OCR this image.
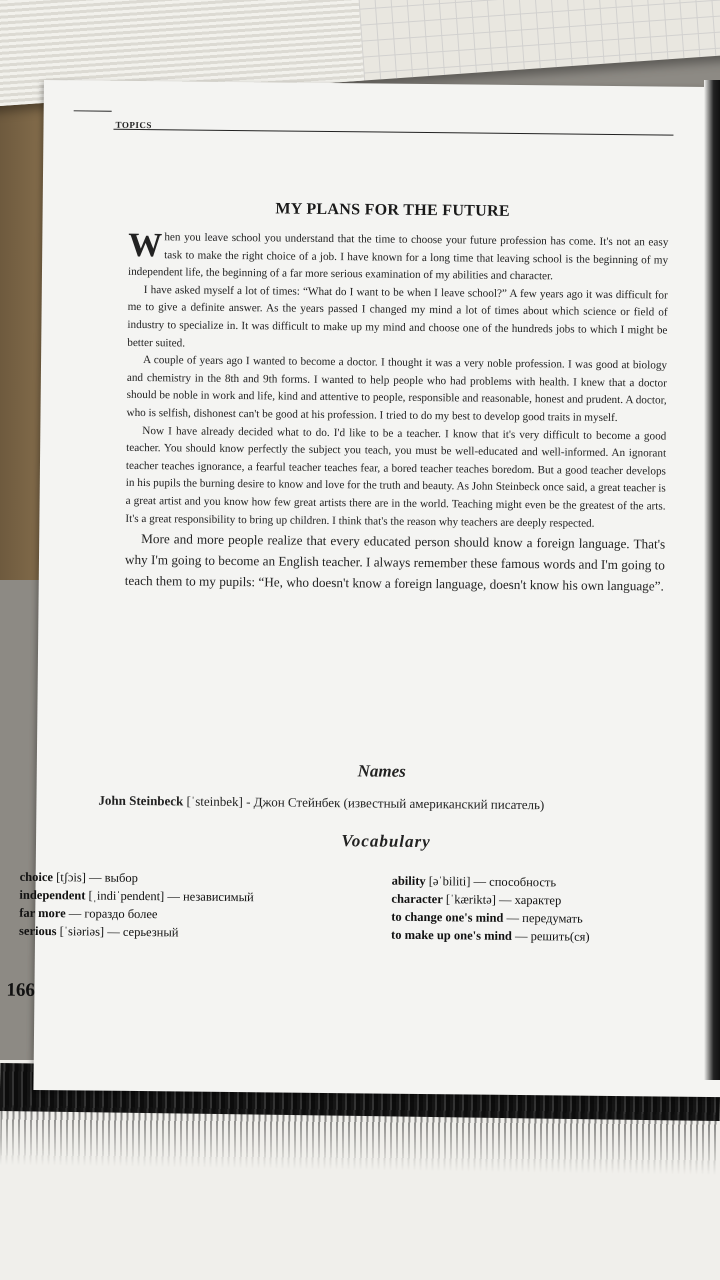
TOPICS
MY PLANS FOR THE FUTURE

When you leave school you understand that the time to choose your future profession has come. It's not an easy task to make the right choice of a job. I have known for a long time that leaving school is the beginning of my independent life, the beginning of a far more serious examination of my abilities and character.

I have asked myself a lot of times: “What do I want to be when I leave school?” A few years ago it was difficult for me to give a definite answer. As the years passed I changed my mind a lot of times about which science or field of industry to specialize in. It was difficult to make up my mind and choose one of the hundreds jobs to which I might be better suited.

A couple of years ago I wanted to become a doctor. I thought it was a very noble profession. I was good at biology and chemistry in the 8th and 9th forms. I wanted to help people who had problems with health. I knew that a doctor should be noble in work and life, kind and attentive to people, responsible and reasonable, honest and prudent. A doctor, who is selfish, dishonest can't be good at his profession. I tried to do my best to develop good traits in myself.

Now I have already decided what to do. I'd like to be a teacher. I know that it's very difficult to become a good teacher. You should know perfectly the subject you teach, you must be well-educated and well-informed. An ignorant teacher teaches ignorance, a fearful teacher teaches fear, a bored teacher teaches boredom. But a good teacher develops in his pupils the burning desire to know and love for the truth and beauty. As John Steinbeck once said, a great teacher is a great artist and you know how few great artists there are in the world. Teaching might even be the greatest of the arts. It's a great responsibility to bring up children. I think that's the reason why teachers are deeply respected.

More and more people realize that every educated person should know a foreign language. That's why I'm going to become an English teacher. I always remember these famous words and I'm going to teach them to my pupils: “He, who doesn't know a foreign language, doesn't know his own language”.

Names
John Steinbeck [ˈsteinbek] - Джон Стейнбек (известный американский писатель)
Vocabulary
choice [tʃɔis] — выбор
independent [ˌindiˈpendent] — независимый
far more — гораздо более
serious [ˈsiəriəs] — серьезный
ability [əˈbiliti] — способность
character [ˈkæriktə] — характер
to change one's mind — передумать
to make up one's mind — решить(ся)
166
